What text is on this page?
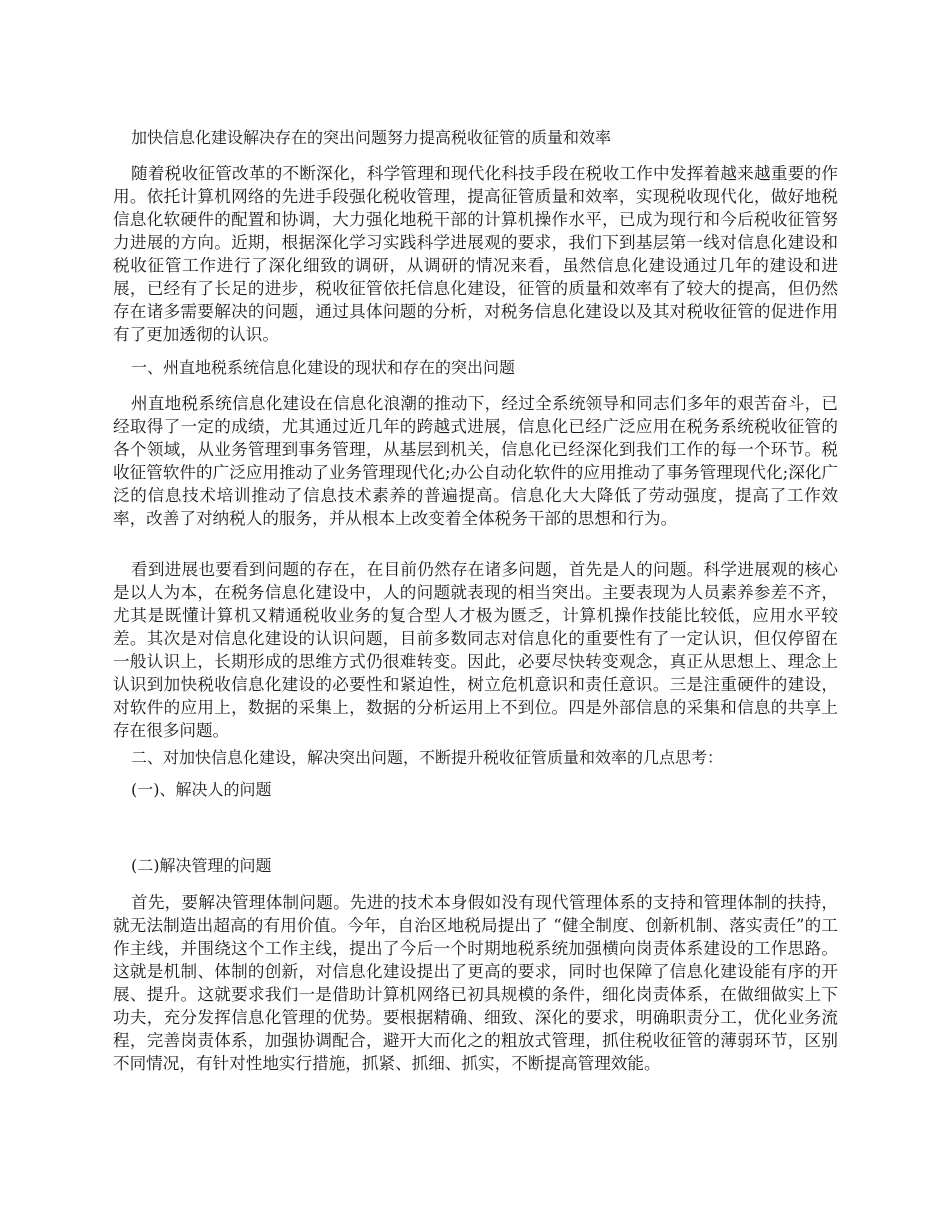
加快信息化建设解决存在的突出问题努力提高税收征管的质量和效率

随着税收征管改革的不断深化，科学管理和现代化科技手段在税收工作中发挥着越来越重要的作用。依托计算机网络的先进手段强化税收管理，提高征管质量和效率，实现税收现代化，做好地税信息化软硬件的配置和协调，大力强化地税干部的计算机操作水平，已成为现行和今后税收征管努力进展的方向。近期，根据深化学习实践科学进展观的要求，我们下到基层第一线对信息化建设和税收征管工作进行了深化细致的调研，从调研的情况来看，虽然信息化建设通过几年的建设和进展，已经有了长足的进步，税收征管依托信息化建设，征管的质量和效率有了较大的提高，但仍然存在诸多需要解决的问题，通过具体问题的分析，对税务信息化建设以及其对税收征管的促进作用有了更加透彻的认识。

一、州直地税系统信息化建设的现状和存在的突出问题

州直地税系统信息化建设在信息化浪潮的推动下，经过全系统领导和同志们多年的艰苦奋斗，已经取得了一定的成绩，尤其通过近几年的跨越式进展，信息化已经广泛应用在税务系统税收征管的各个领域，从业务管理到事务管理，从基层到机关，信息化已经深化到我们工作的每一个环节。税收征管软件的广泛应用推动了业务管理现代化;办公自动化软件的应用推动了事务管理现代化;深化广泛的信息技术培训推动了信息技术素养的普遍提高。信息化大大降低了劳动强度，提高了工作效率，改善了对纳税人的服务，并从根本上改变着全体税务干部的思想和行为。

看到进展也要看到问题的存在，在目前仍然存在诸多问题，首先是人的问题。科学进展观的核心是以人为本，在税务信息化建设中，人的问题就表现的相当突出。主要表现为人员素养参差不齐，尤其是既懂计算机又精通税收业务的复合型人才极为匮乏，计算机操作技能比较低，应用水平较差。其次是对信息化建设的认识问题，目前多数同志对信息化的重要性有了一定认识，但仅停留在一般认识上，长期形成的思维方式仍很难转变。因此，必要尽快转变观念，真正从思想上、理念上认识到加快税收信息化建设的必要性和紧迫性，树立危机意识和责任意识。三是注重硬件的建设，对软件的应用上，数据的采集上，数据的分析运用上不到位。四是外部信息的采集和信息的共享上存在很多问题。

二、对加快信息化建设，解决突出问题，不断提升税收征管质量和效率的几点思考：

(一)、解决人的问题

(二)解决管理的问题

首先，要解决管理体制问题。先进的技术本身假如没有现代管理体系的支持和管理体制的扶持，就无法制造出超高的有用价值。今年，自治区地税局提出了 “健全制度、创新机制、落实责任”的工作主线，并围绕这个工作主线，提出了今后一个时期地税系统加强横向岗责体系建设的工作思路。这就是机制、体制的创新，对信息化建设提出了更高的要求，同时也保障了信息化建设能有序的开展、提升。这就要求我们一是借助计算机网络已初具规模的条件，细化岗责体系，在做细做实上下功夫，充分发挥信息化管理的优势。要根据精确、细致、深化的要求，明确职责分工，优化业务流程，完善岗责体系，加强协调配合，避开大而化之的粗放式管理，抓住税收征管的薄弱环节，区别不同情况，有针对性地实行措施，抓紧、抓细、抓实，不断提高管理效能。
